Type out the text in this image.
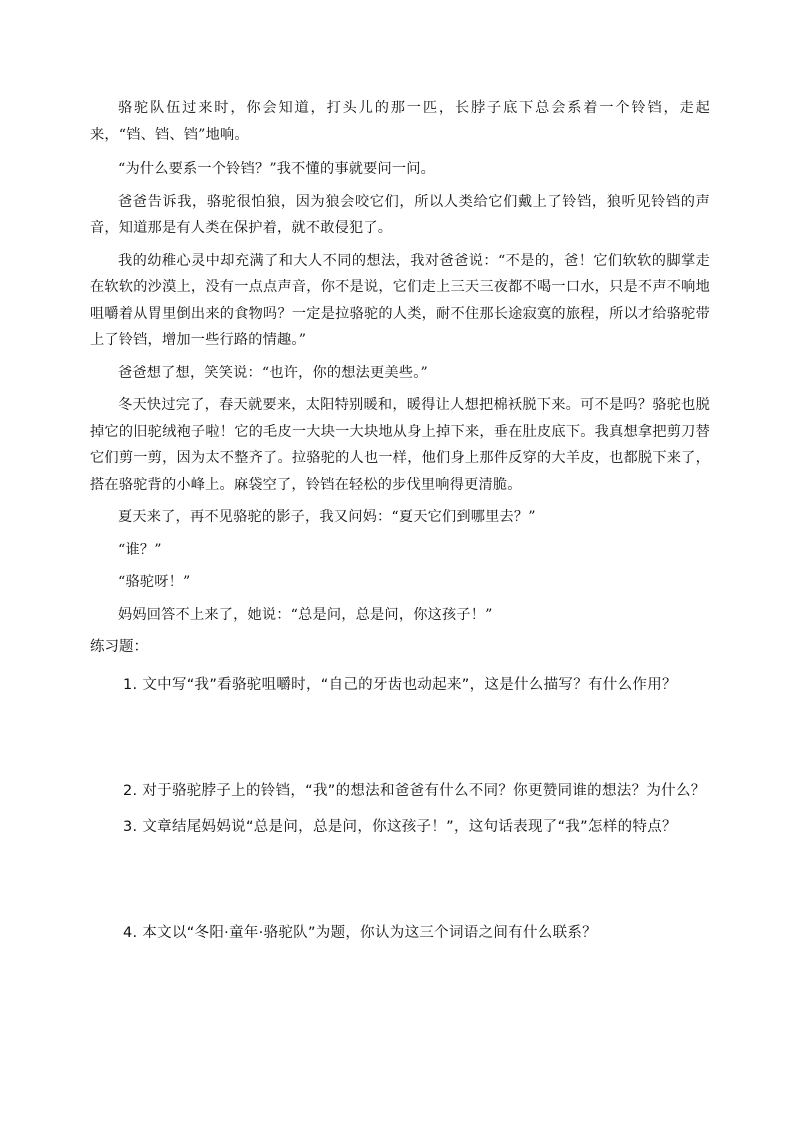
骆驼队伍过来时，你会知道，打头儿的那一匹，长脖子底下总会系着一个铃铛，走起来，“铛、铛、铛”地响。

“为什么要系一个铃铛？”我不懂的事就要问一问。

爸爸告诉我，骆驼很怕狼，因为狼会咬它们，所以人类给它们戴上了铃铛，狼听见铃铛的声音，知道那是有人类在保护着，就不敢侵犯了。

我的幼稚心灵中却充满了和大人不同的想法，我对爸爸说：“不是的，爸！它们软软的脚掌走在软软的沙漠上，没有一点点声音，你不是说，它们走上三天三夜都不喝一口水，只是不声不响地咀嚼着从胃里倒出来的食物吗？一定是拉骆驼的人类，耐不住那长途寂寞的旅程，所以才给骆驼带上了铃铛，增加一些行路的情趣。”

爸爸想了想，笑笑说：“也许，你的想法更美些。”

冬天快过完了，春天就要来，太阳特别暖和，暖得让人想把棉袄脱下来。可不是吗？骆驼也脱掉它的旧驼绒袍子啦！它的毛皮一大块一大块地从身上掉下来，垂在肚皮底下。我真想拿把剪刀替它们剪一剪，因为太不整齐了。拉骆驼的人也一样，他们身上那件反穿的大羊皮，也都脱下来了，搭在骆驼背的小峰上。麻袋空了，铃铛在轻松的步伐里响得更清脆。

夏天来了，再不见骆驼的影子，我又问妈：“夏天它们到哪里去？”

“谁？”

“骆驼呀！”

妈妈回答不上来了，她说：“总是问，总是问，你这孩子！”

练习题：

1. 文中写“我”看骆驼咀嚼时，“自己的牙齿也动起来”，这是什么描写？有什么作用？

2. 对于骆驼脖子上的铃铛，“我”的想法和爸爸有什么不同？你更赞同谁的想法？为什么？

3. 文章结尾妈妈说“总是问，总是问，你这孩子！”，这句话表现了“我”怎样的特点？

4. 本文以“冬阳·童年·骆驼队”为题，你认为这三个词语之间有什么联系？
